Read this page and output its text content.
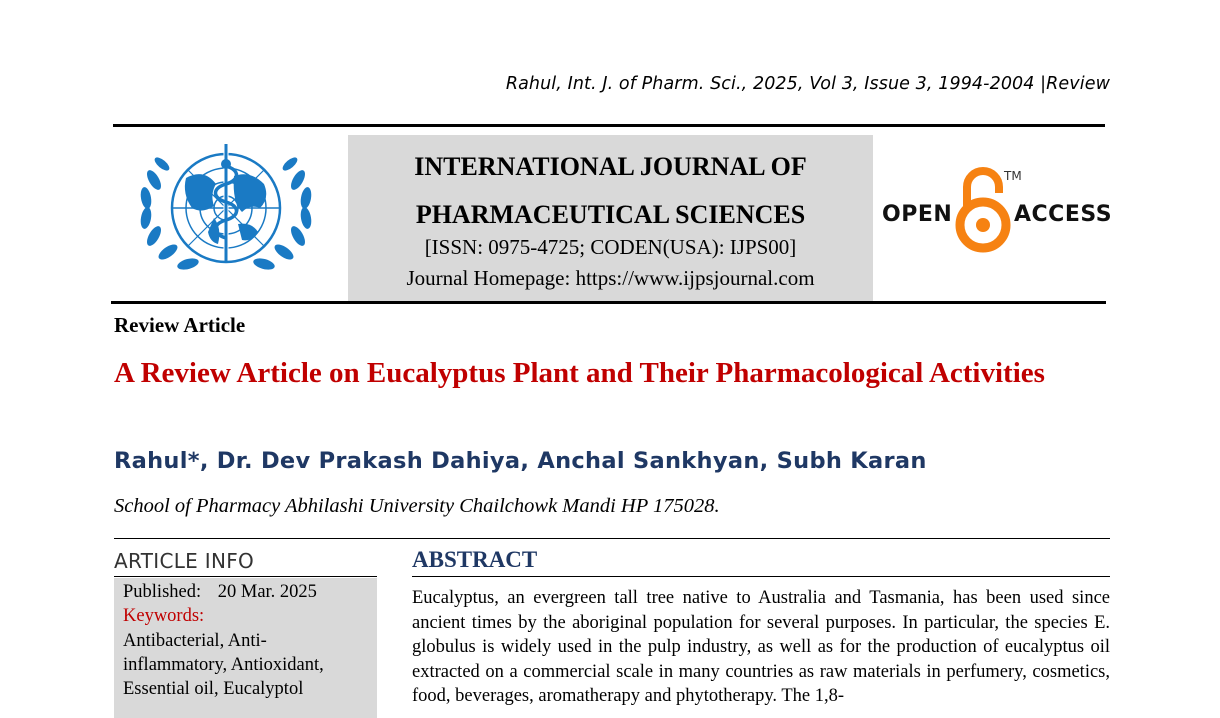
Rahul, Int. J. of Pharm. Sci., 2025, Vol 3, Issue 3, 1994-2004 |Review
INTERNATIONAL JOURNAL OF
PHARMACEUTICAL SCIENCES
[ISSN: 0975-4725; CODEN(USA): IJPS00]
Journal Homepage: https://www.ijpsjournal.com
OPEN
TM
ACCESS
Review Article
A Review Article on Eucalyptus Plant and Their Pharmacological Activities
Rahul*, Dr. Dev Prakash Dahiya, Anchal Sankhyan, Subh Karan
School of Pharmacy Abhilashi University Chailchowk Mandi HP 175028.
ARTICLE INFO
Published: 20 Mar. 2025
Keywords:
Antibacterial, Anti-
inflammatory, Antioxidant,
Essential oil, Eucalyptol
ABSTRACT
Eucalyptus, an evergreen tall tree native to Australia and Tasmania, has been used since ancient times by the aboriginal population for several purposes. In particular, the species E. globulus is widely used in the pulp industry, as well as for the production of eucalyptus oil extracted on a commercial scale in many countries as raw materials in perfumery, cosmetics, food, beverages, aromatherapy and phytotherapy. The 1,8-
